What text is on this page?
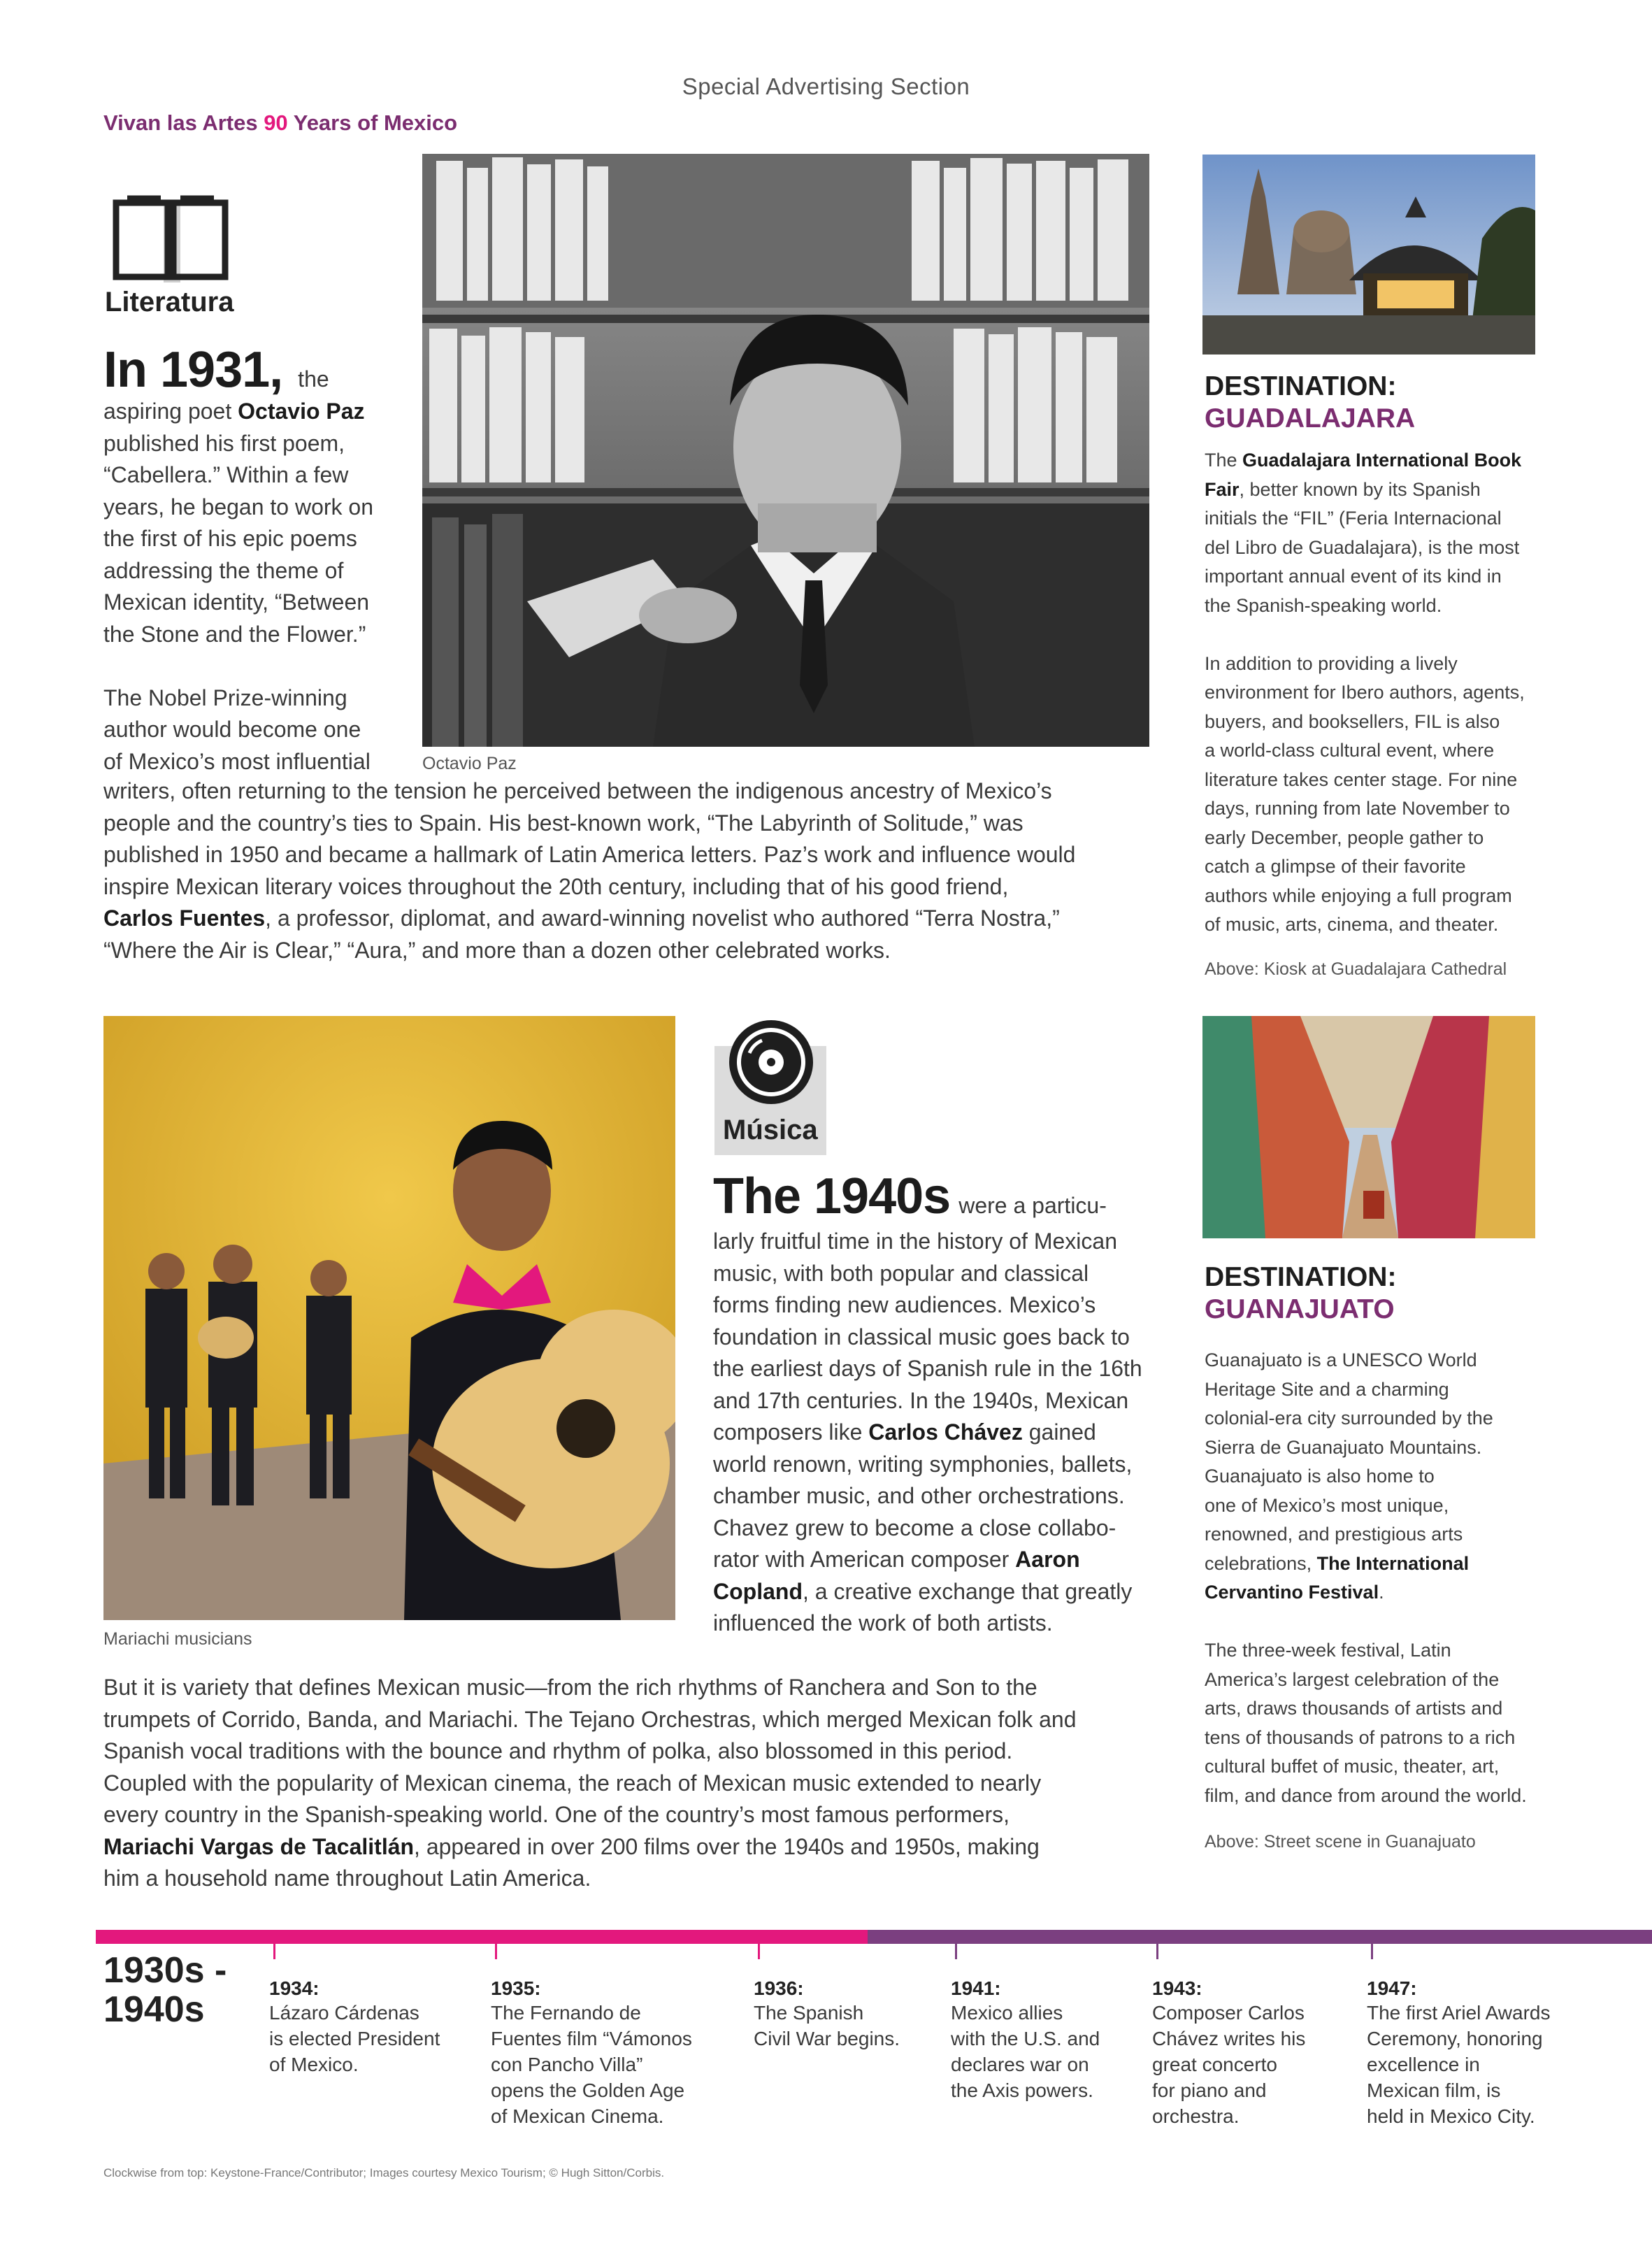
Special Advertising Section
Vivan las Artes 90 Years of Mexico
Literatura
In 1931, the
aspiring poet Octavio Paz
published his first poem,
“Cabellera.” Within a few
years, he began to work on
the first of his epic poems
addressing the theme of
Mexican identity, “Between
the Stone and the Flower.”

The Nobel Prize-winning
author would become one
of Mexico’s most influential
writers, often returning to the tension he perceived between the indigenous ancestry of Mexico’s
people and the country’s ties to Spain. His best-known work, “The Labyrinth of Solitude,” was
published in 1950 and became a hallmark of Latin America letters. Paz’s work and influence would
inspire Mexican literary voices throughout the 20th century, including that of his good friend,
Carlos Fuentes, a professor, diplomat, and award-winning novelist who authored “Terra Nostra,”
“Where the Air is Clear,” “Aura,” and more than a dozen other celebrated works.
Octavio Paz
DESTINATION:
GUADALAJARA
The Guadalajara International Book
Fair, better known by its Spanish
initials the “FIL” (Feria Internacional
del Libro de Guadalajara), is the most
important annual event of its kind in
the Spanish-speaking world.

In addition to providing a lively
environment for Ibero authors, agents,
buyers, and booksellers, FIL is also
a world-class cultural event, where
literature takes center stage. For nine
days, running from late November to
early December, people gather to
catch a glimpse of their favorite
authors while enjoying a full program
of music, arts, cinema, and theater.
Above: Kiosk at Guadalajara Cathedral
Mariachi musicians
Música
The 1940s were a particu-
larly fruitful time in the history of Mexican
music, with both popular and classical
forms finding new audiences. Mexico’s
foundation in classical music goes back to
the earliest days of Spanish rule in the 16th
and 17th centuries. In the 1940s, Mexican
composers like Carlos Chávez gained
world renown, writing symphonies, ballets,
chamber music, and other orchestrations.
Chavez grew to become a close collabo-
rator with American composer Aaron
Copland, a creative exchange that greatly
influenced the work of both artists.
But it is variety that defines Mexican music—from the rich rhythms of Ranchera and Son to the
trumpets of Corrido, Banda, and Mariachi. The Tejano Orchestras, which merged Mexican folk and
Spanish vocal traditions with the bounce and rhythm of polka, also blossomed in this period.
Coupled with the popularity of Mexican cinema, the reach of Mexican music extended to nearly
every country in the Spanish-speaking world. One of the country’s most famous performers,
Mariachi Vargas de Tacalitlán, appeared in over 200 films over the 1940s and 1950s, making
him a household name throughout Latin America.
DESTINATION:
GUANAJUATO
Guanajuato is a UNESCO World
Heritage Site and a charming
colonial-era city surrounded by the
Sierra de Guanajuato Mountains.
Guanajuato is also home to
one of Mexico’s most unique,
renowned, and prestigious arts
celebrations, The International
Cervantino Festival.

The three-week festival, Latin
America’s largest celebration of the
arts, draws thousands of artists and
tens of thousands of patrons to a rich
cultural buffet of music, theater, art,
film, and dance from around the world.
Above: Street scene in Guanajuato
1930s -
1940s
1934:
Lázaro Cárdenas
is elected President
of Mexico.
1935:
The Fernando de
Fuentes film “Vámonos
con Pancho Villa”
opens the Golden Age
of Mexican Cinema.
1936:
The Spanish
Civil War begins.
1941:
Mexico allies
with the U.S. and
declares war on
the Axis powers.
1943:
Composer Carlos
Chávez writes his
great concerto
for piano and
orchestra.
1947:
The first Ariel Awards
Ceremony, honoring
excellence in
Mexican film, is
held in Mexico City.
Clockwise from top: Keystone-France/Contributor; Images courtesy Mexico Tourism; © Hugh Sitton/Corbis.
